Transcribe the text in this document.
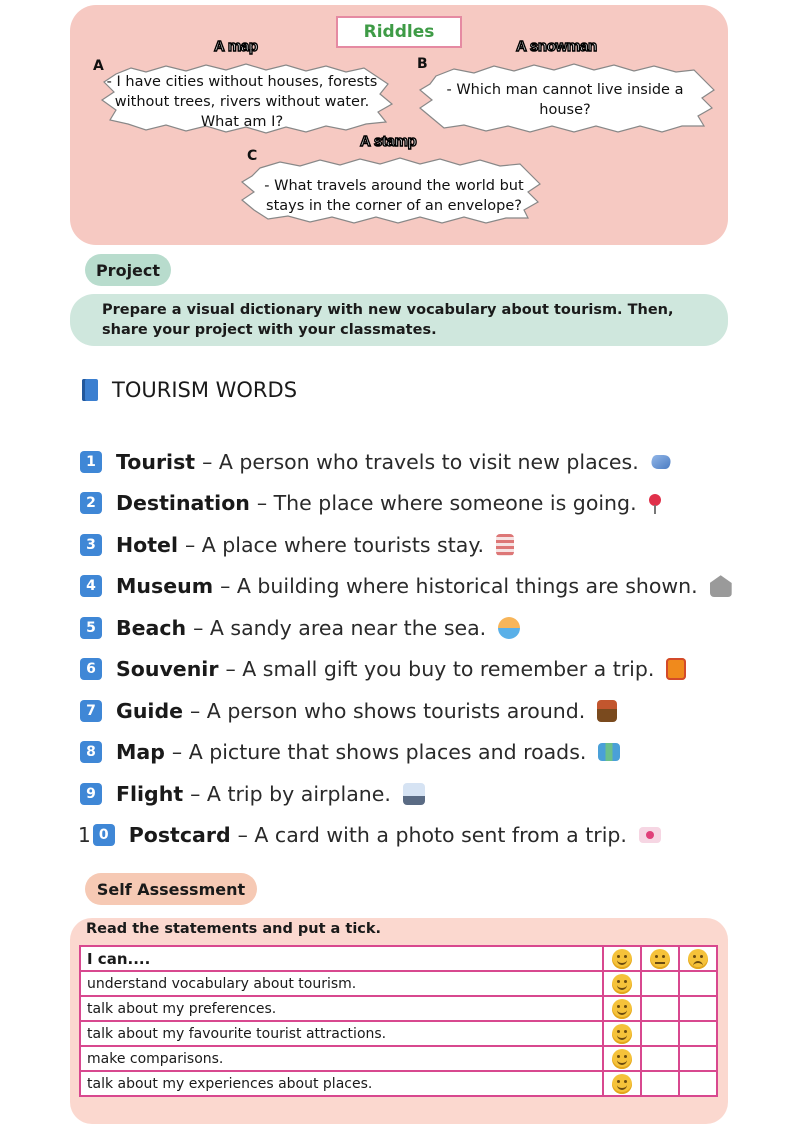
Riddles
A map
A
- I have cities without houses, forests without trees, rivers without water. What am I?
A snowman
B
- Which man cannot live inside a house?
A stamp
C
- What travels around the world but stays in the corner of an envelope?
Project
Prepare a visual dictionary with new vocabulary about tourism. Then, share your project with your classmates.
TOURISM WORDS
1 Tourist – A person who travels to visit new places.
2 Destination – The place where someone is going.
3 Hotel – A place where tourists stay.
4 Museum – A building where historical things are shown.
5 Beach – A sandy area near the sea.
6 Souvenir – A small gift you buy to remember a trip.
7 Guide – A person who shows tourists around.
8 Map – A picture that shows places and roads.
9 Flight – A trip by airplane.
1 0 Postcard – A card with a photo sent from a trip.
Self Assessment
Read the statements and put a tick.
I can....			
understand vocabulary about tourism.			
talk about my preferences.			
talk about my favourite tourist attractions.			
make comparisons.			
talk about my experiences about places.			
